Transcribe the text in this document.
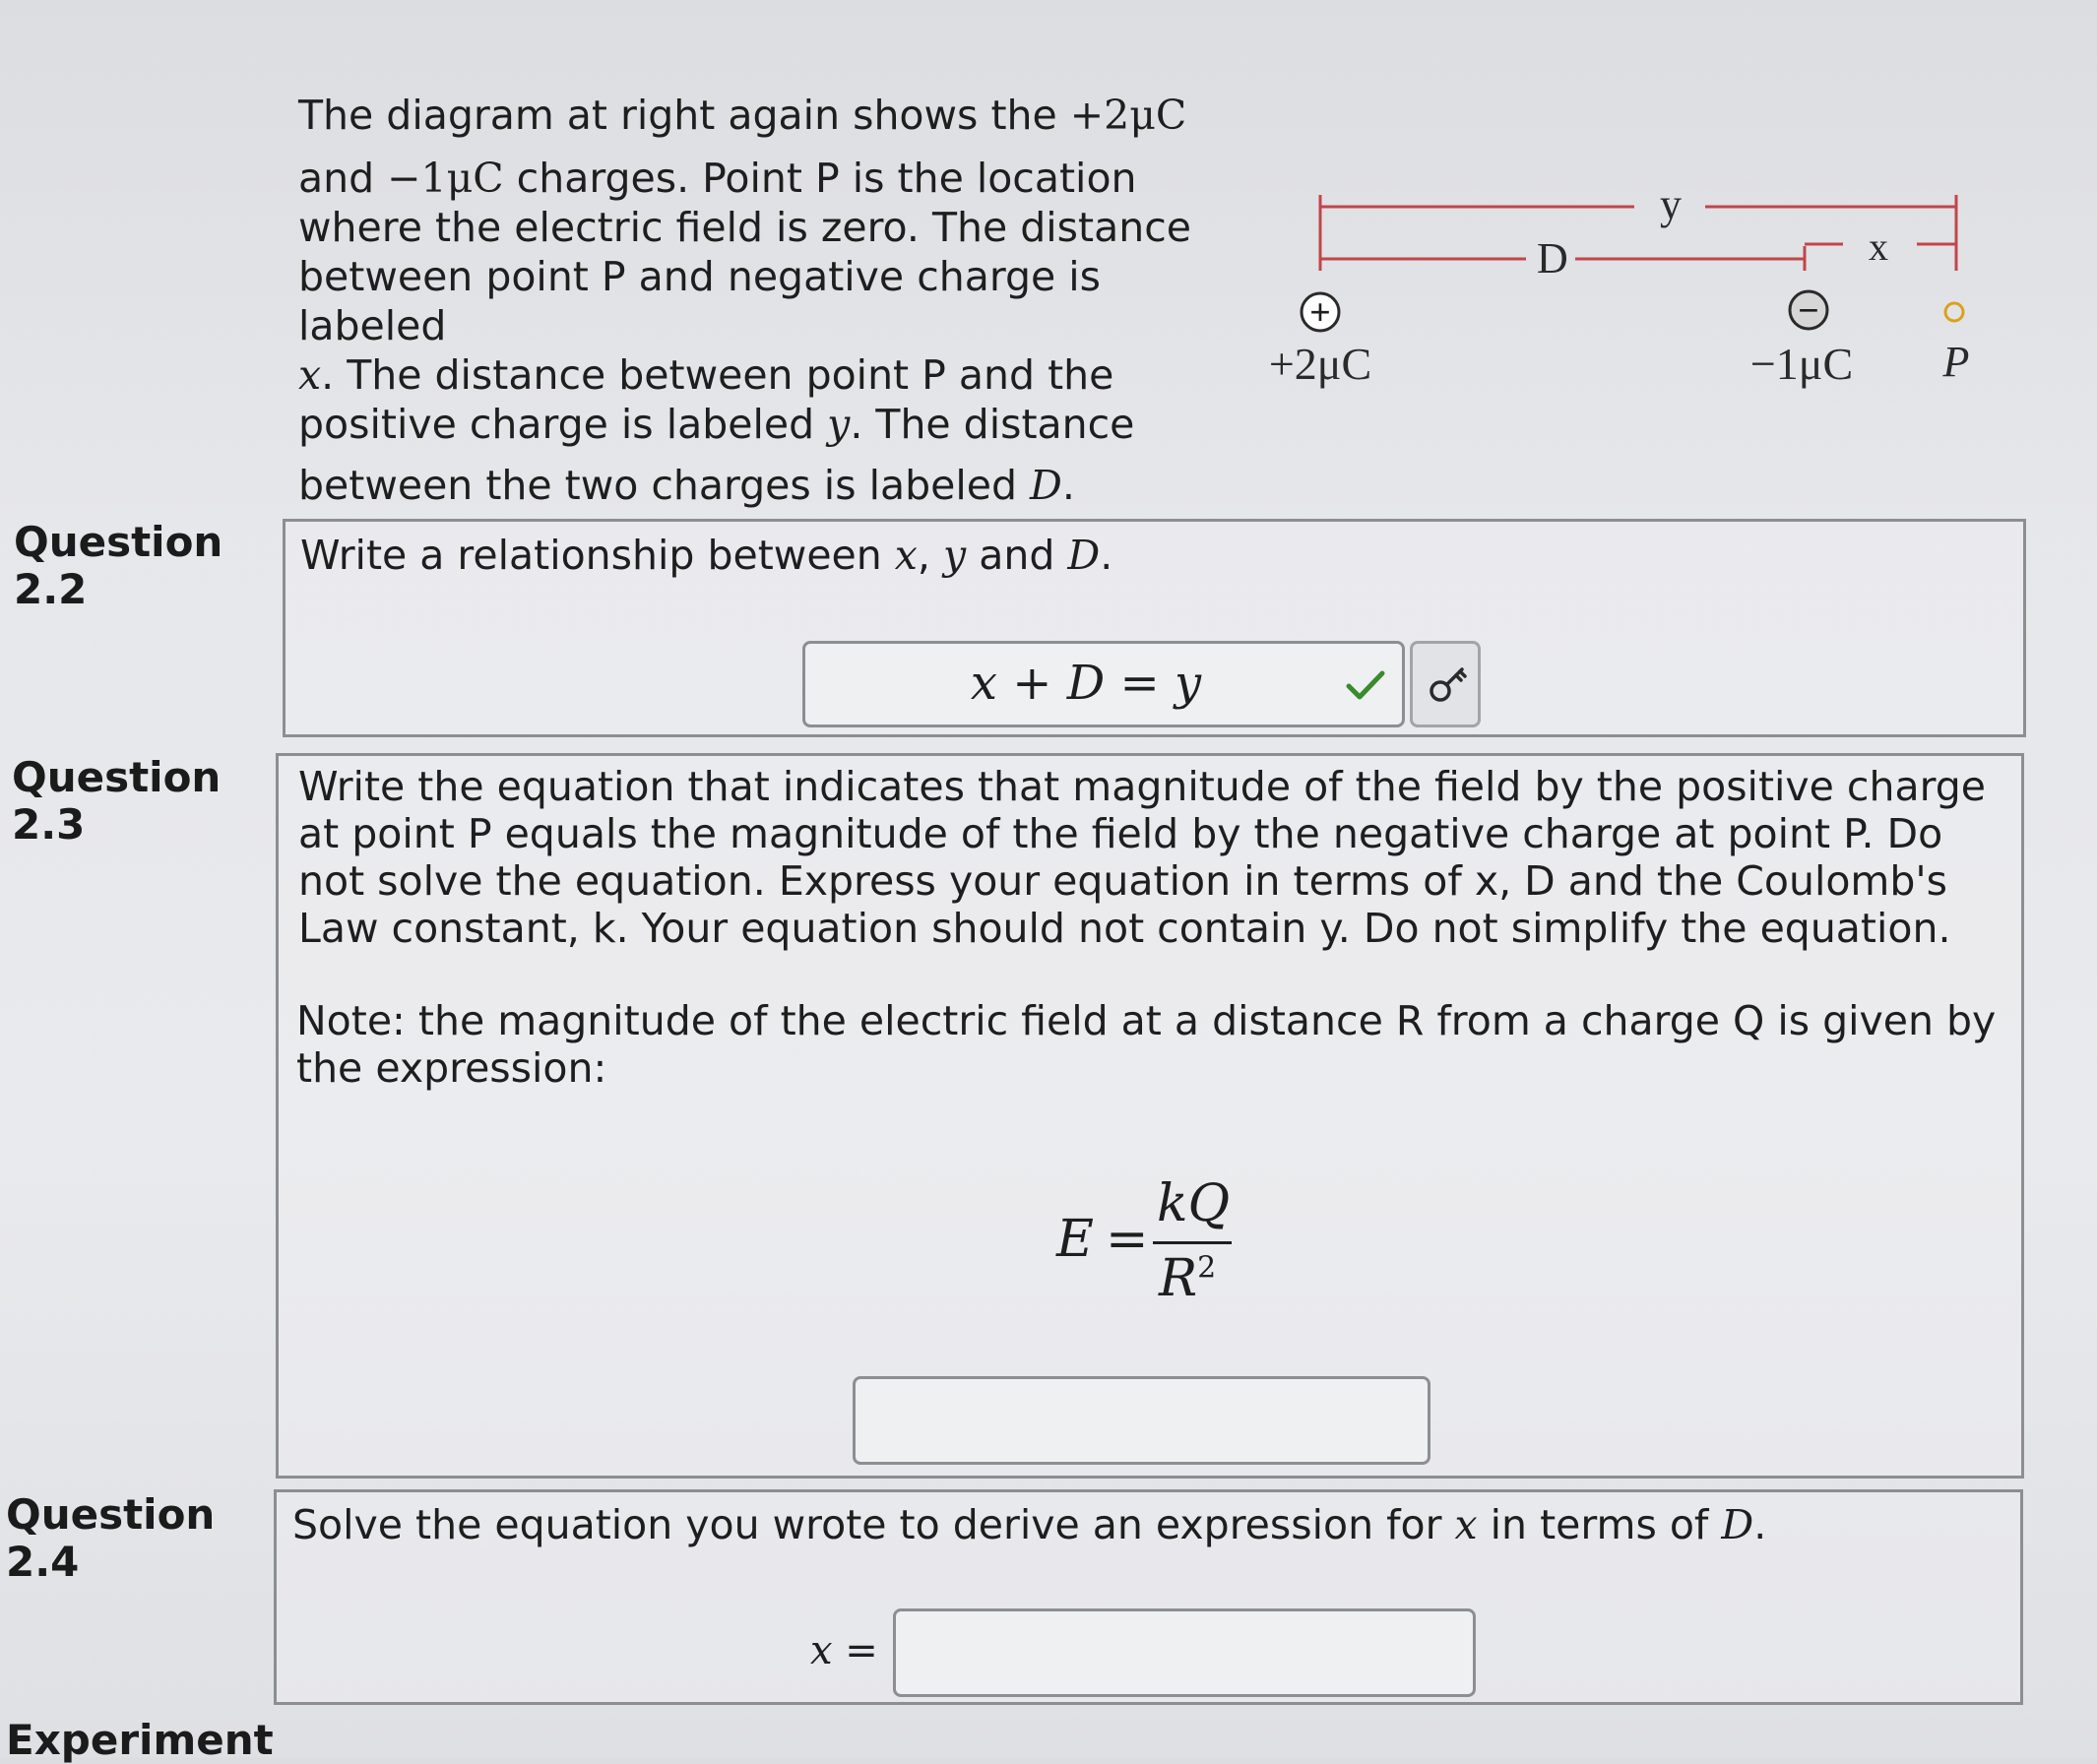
The diagram at right again shows the +2μC
and −1μC charges. Point P is the location
where the electric field is zero. The distance
between point P and negative charge is labeled
x. The distance between point P and the
positive charge is labeled y. The distance
between the two charges is labeled D.
D
y
x
+
+2μC
−
−1μC P
Question
2.2
Write a relationship between x, y and D.
x + D = y
Question
2.3
Write the equation that indicates that magnitude of the field by the positive charge at point P equals the magnitude of the field by the negative charge at point P. Do not solve the equation. Express your equation in terms of x, D and the Coulomb's Law constant, k. Your equation should not contain y. Do not simplify the equation.
Note: the magnitude of the electric field at a distance R from a charge Q is given by the expression:
E =
kQ
$R^2$
Question
2.4
Solve the equation you wrote to derive an expression for x in terms of D.
x =
Experiment
